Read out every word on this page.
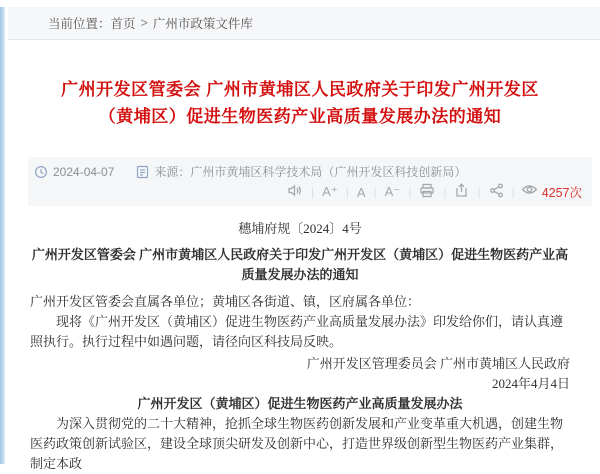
当前位置： 首页 > 广州市政策文件库
广州开发区管委会 广州市黄埔区人民政府关于印发广州开发区（黄埔区）促进生物医药产业高质量发展办法的通知
2024-04-07	来源： 广州市黄埔区科学技术局（广州开发区科技创新局）
| A⁺ | A | A⁻ |	|	|	| 4257次

穗埔府规〔2024〕4号

广州开发区管委会 广州市黄埔区人民政府关于印发广州开发区（黄埔区）促进生物医药产业高质量发展办法的通知

广州开发区管委会直属各单位；黄埔区各街道、镇，区府属各单位：

现将《广州开发区（黄埔区）促进生物医药产业高质量发展办法》印发给你们，请认真遵照执行。执行过程中如遇问题，请径向区科技局反映。

广州开发区管理委员会 广州市黄埔区人民政府

2024年4月4日

广州开发区（黄埔区）促进生物医药产业高质量发展办法

为深入贯彻党的二十大精神，抢抓全球生物医药创新发展和产业变革重大机遇，创建生物医药政策创新试验区，建设全球顶尖研发及创新中心，打造世界级创新型生物医药产业集群，制定本政
